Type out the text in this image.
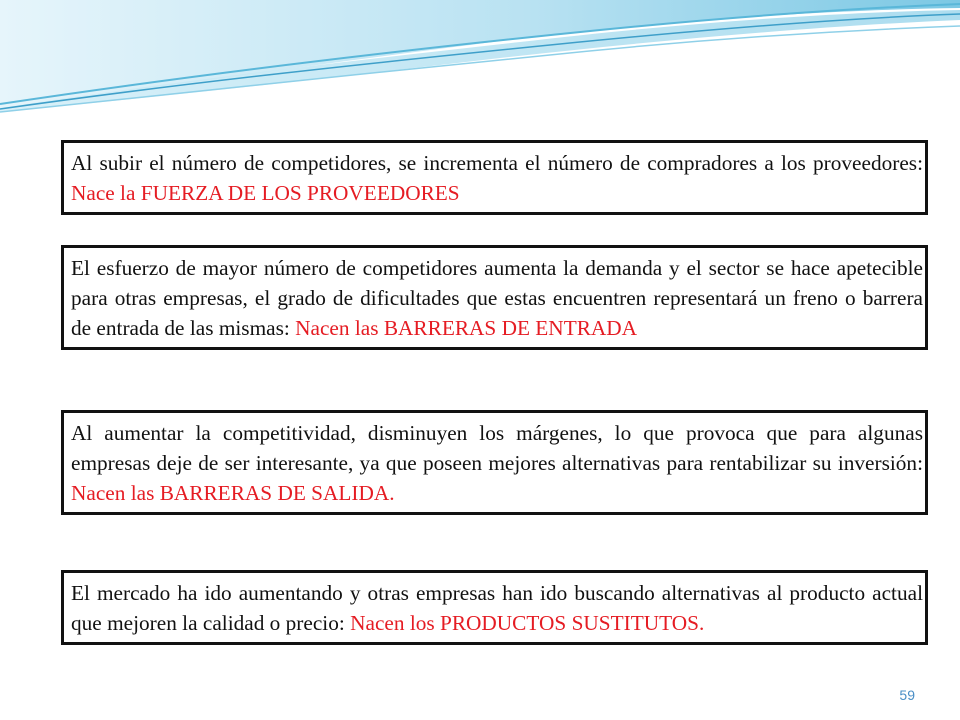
Al subir el número de competidores, se incrementa el número de compradores a los proveedores: Nace la FUERZA DE LOS PROVEEDORES

El esfuerzo de mayor número de competidores aumenta la demanda y el sector se hace apetecible para otras empresas, el grado de dificultades que estas encuentren representará un freno o barrera de entrada de las mismas: Nacen las BARRERAS DE ENTRADA

Al aumentar la competitividad, disminuyen los márgenes, lo que provoca que para algunas empresas deje de ser interesante, ya que poseen mejores alternativas para rentabilizar su inversión: Nacen las BARRERAS DE SALIDA.

El mercado ha ido aumentando y otras empresas han ido buscando alternativas al producto actual que mejoren la calidad o precio: Nacen los PRODUCTOS SUSTITUTOS.

59
